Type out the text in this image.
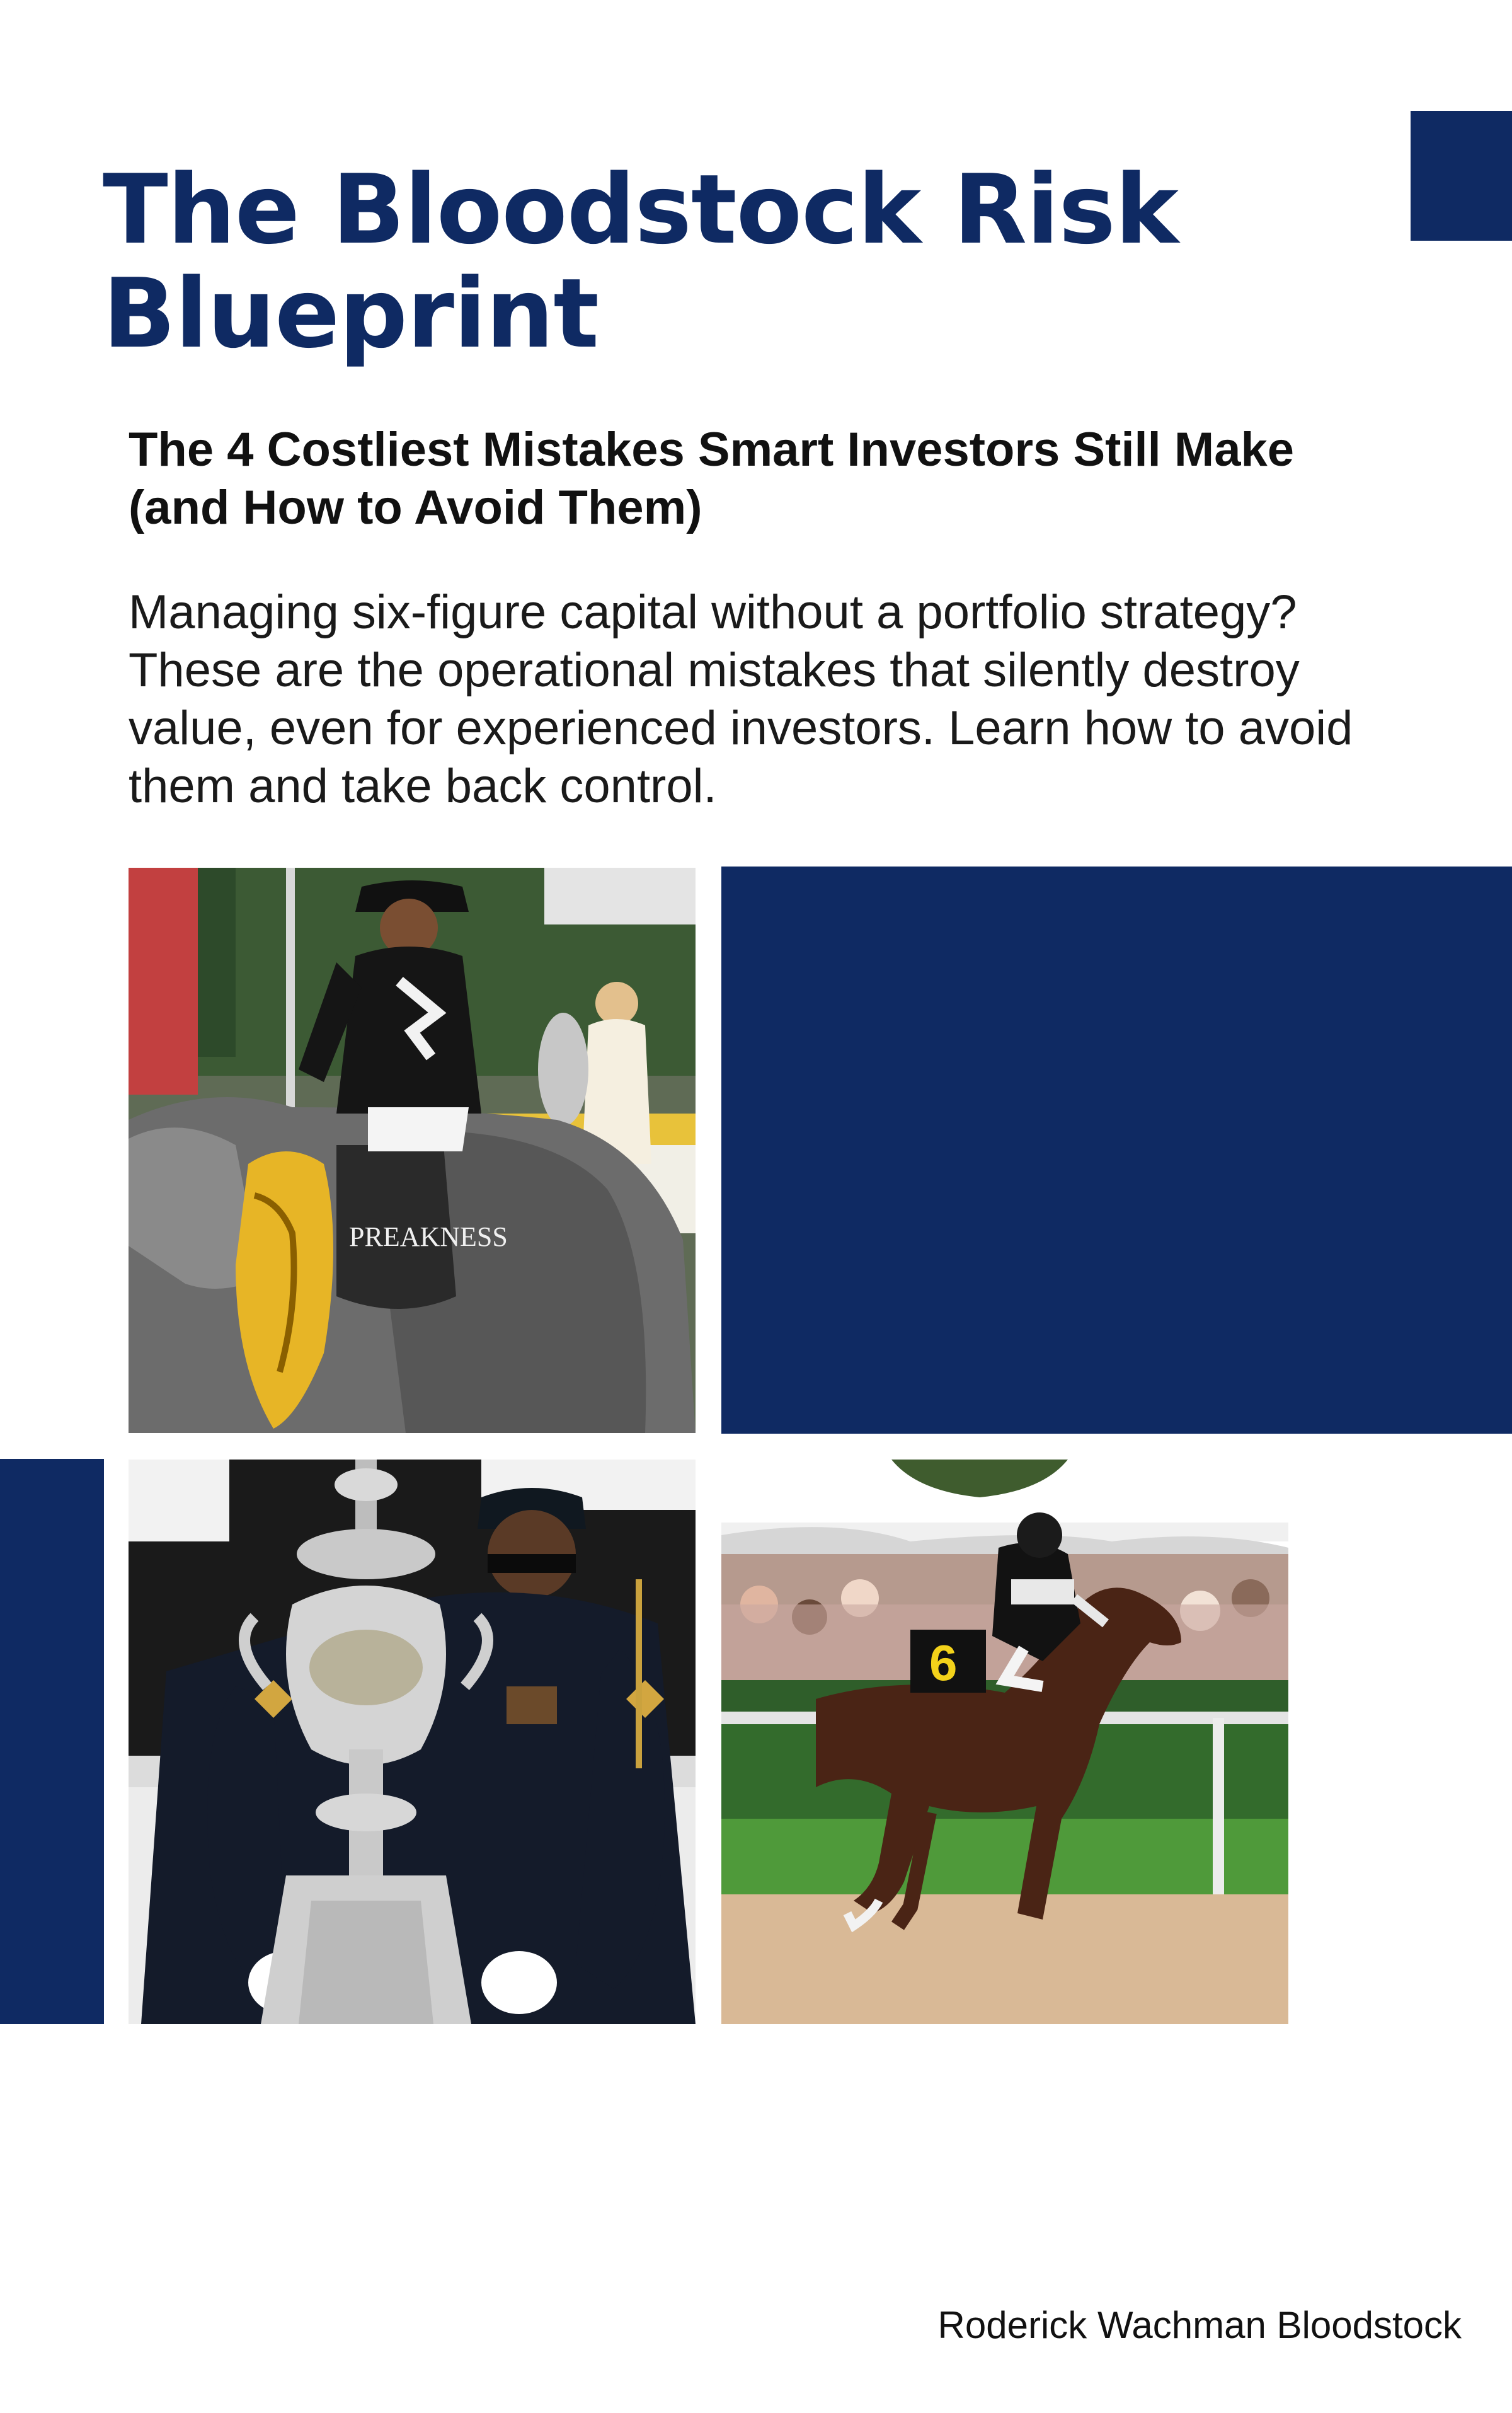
The Bloodstock Risk Blueprint
The 4 Costliest Mistakes Smart Investors Still Make (and How to Avoid Them)

Managing six-figure capital without a portfolio strategy? These are the operational mistakes that silently destroy value, even for experienced investors. Learn how to avoid them and take back control.

PREAKNESS
6

Roderick Wachman Bloodstock
